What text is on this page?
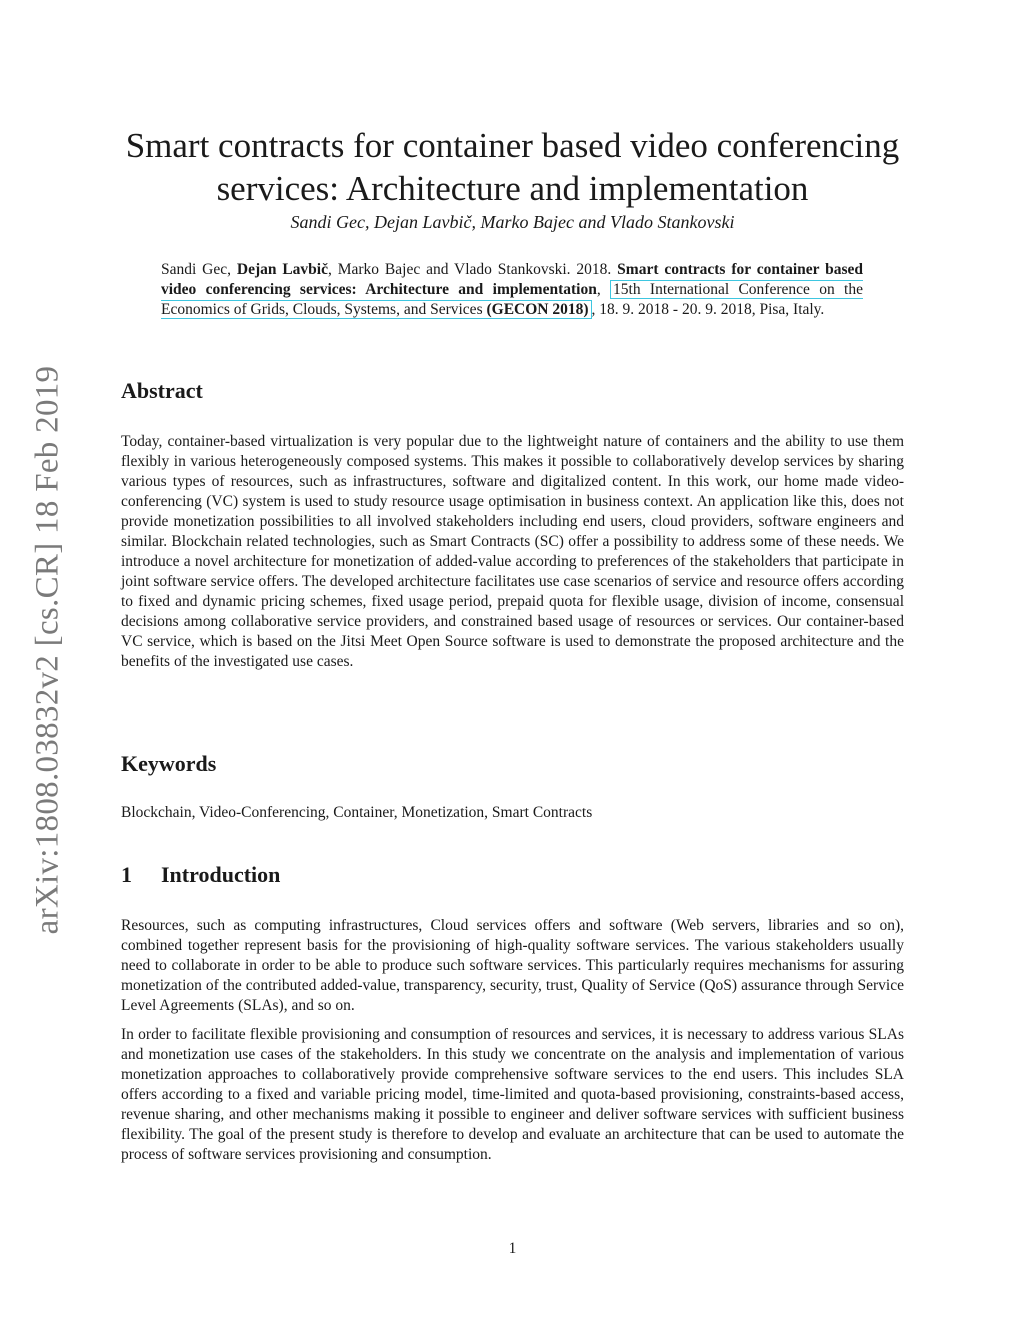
arXiv:1808.03832v2 [cs.CR] 18 Feb 2019
Smart contracts for container based video conferencing
services: Architecture and implementation
Sandi Gec, Dejan Lavbič, Marko Bajec and Vlado Stankovski
Sandi Gec, Dejan Lavbič, Marko Bajec and Vlado Stankovski. 2018. Smart contracts for container based video conferencing services: Architecture and implementation, 15th International Conference on the Economics of Grids, Clouds, Systems, and Services (GECON 2018) , 18. 9. 2018 - 20. 9. 2018, Pisa, Italy.
Abstract

Today, container-based virtualization is very popular due to the lightweight nature of containers and the ability to use them flexibly in various heterogeneously composed systems. This makes it possible to collaboratively develop services by sharing various types of resources, such as infrastructures, software and digitalized content. In this work, our home made video-conferencing (VC) system is used to study resource usage optimisation in business context. An application like this, does not provide monetization possibilities to all involved stakeholders including end users, cloud providers, software engineers and similar. Blockchain related technologies, such as Smart Contracts (SC) offer a possibility to address some of these needs. We introduce a novel architecture for monetization of added-value according to preferences of the stakeholders that participate in joint software service offers. The developed architecture facilitates use case scenarios of service and resource offers according to fixed and dynamic pricing schemes, fixed usage period, prepaid quota for flexible usage, division of income, consensual decisions among collaborative service providers, and constrained based usage of resources or services. Our container-based VC service, which is based on the Jitsi Meet Open Source software is used to demonstrate the proposed architecture and the benefits of the investigated use cases.

Keywords

Blockchain, Video-Conferencing, Container, Monetization, Smart Contracts

1 Introduction

Resources, such as computing infrastructures, Cloud services offers and software (Web servers, libraries and so on), combined together represent basis for the provisioning of high-quality software services. The various stakeholders usually need to collaborate in order to be able to produce such software services. This particularly requires mechanisms for assuring monetization of the contributed added-value, transparency, security, trust, Quality of Service (QoS) assurance through Service Level Agreements (SLAs), and so on.

In order to facilitate flexible provisioning and consumption of resources and services, it is necessary to address various SLAs and monetization use cases of the stakeholders. In this study we concentrate on the analysis and implementation of various monetization approaches to collaboratively provide comprehensive software services to the end users. This includes SLA offers according to a fixed and variable pricing model, time-limited and quota-based provisioning, constraints-based access, revenue sharing, and other mechanisms making it possible to engineer and deliver software services with sufficient business flexibility. The goal of the present study is therefore to develop and evaluate an architecture that can be used to automate the process of software services provisioning and consumption.

1
